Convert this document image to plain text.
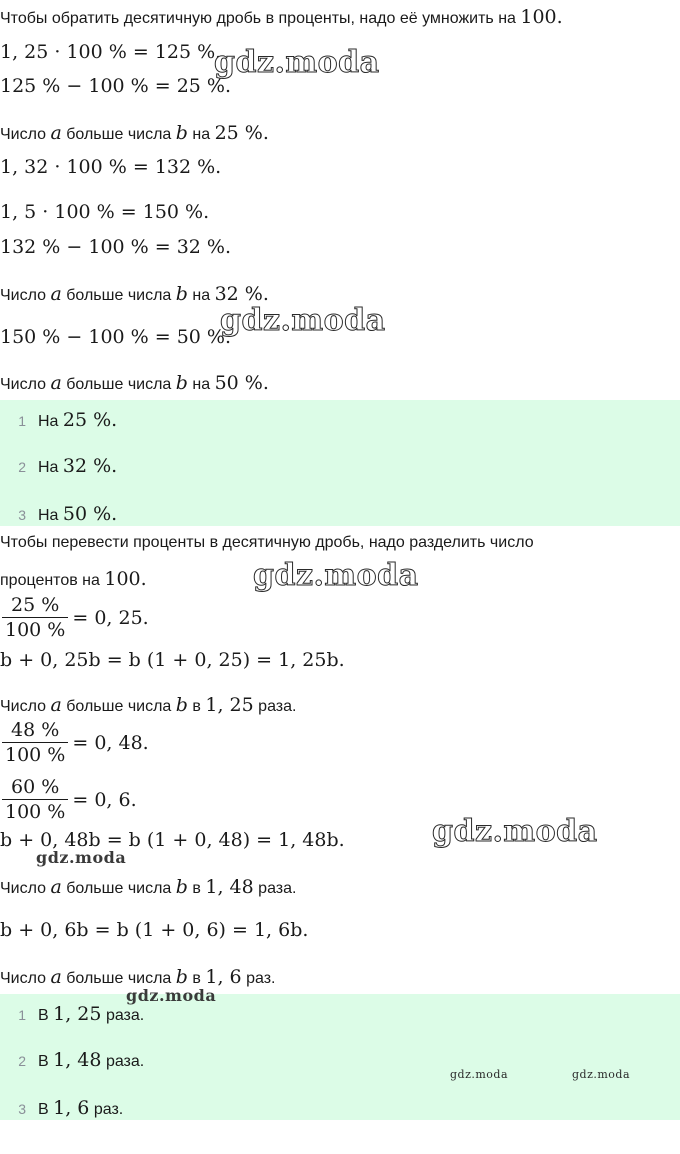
Чтобы обратить десятичную дробь в проценты, надо её умножить на 100.
1, 25 · 100 % = 125 %.
125 % − 100 % = 25 %.
Число a больше числа b на 25 %.
1, 32 · 100 % = 132 %.
1, 5 · 100 % = 150 %.
132 % − 100 % = 32 %.
Число a больше числа b на 32 %.
150 % − 100 % = 50 %.
Число a больше числа b на 50 %.
1 На 25 %.
2 На 32 %.
3 На 50 %.
Чтобы перевести проценты в десятичную дробь, надо разделить число
процентов на 100.
$\frac{25 \%}{100 \%} = 0$, 25.
b + 0, 25b = b (1 + 0, 25) = 1, 25b.
Число a больше числа b в 1, 25 раза.
$\frac{48 \%}{100 \%} = 0$, 48.
$\frac{60 \%}{100 \%} = 0$, 6.
b + 0, 48b = b (1 + 0, 48) = 1, 48b.
Число a больше числа b в 1, 48 раза.
b + 0, 6b = b (1 + 0, 6) = 1, 6b.
Число a больше числа b в 1, 6 раз.
1 В 1, 25 раза.
2 В 1, 48 раза.
3 В 1, 6 раз.
gdz.moda
gdz.moda
gdz.moda
gdz.moda
gdz.moda
gdz.moda
gdz.moda	gdz.moda
